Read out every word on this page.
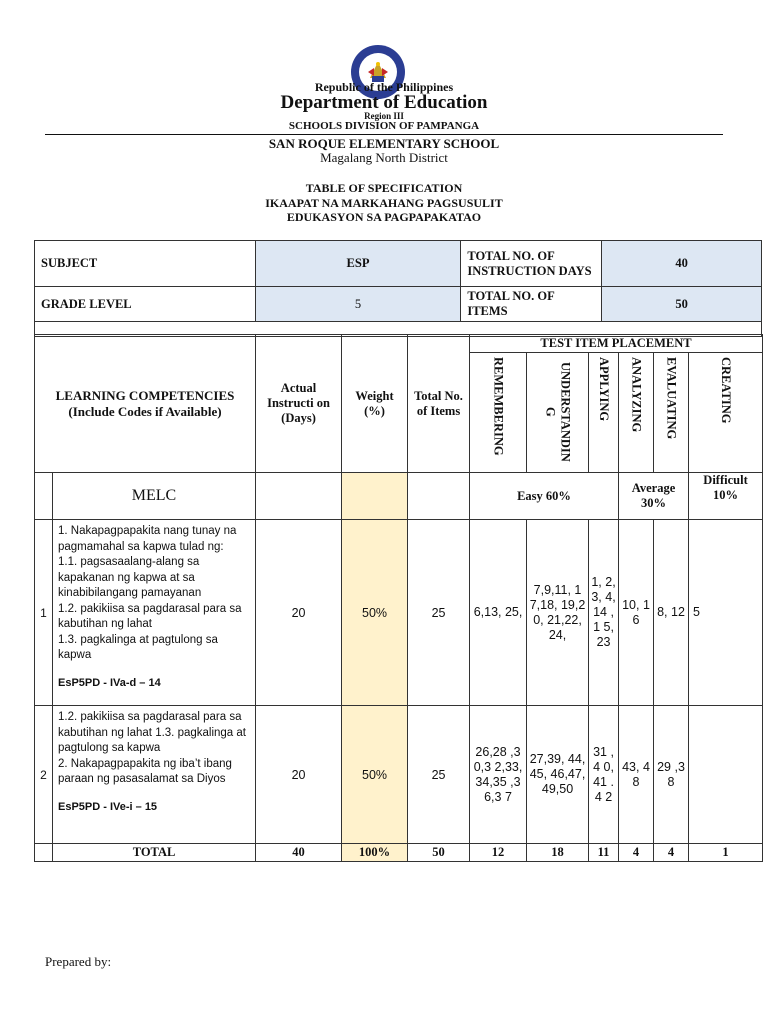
Republic of the Philippines
Department of Education
Region III
SCHOOLS DIVISION OF PAMPANGA
SAN ROQUE ELEMENTARY SCHOOL
Magalang North District
TABLE OF SPECIFICATION
IKAAPAT NA MARKAHANG PAGSUSULIT
EDUKASYON SA PAGPAPAKATAO
SUBJECT	ESP	TOTAL NO. OF INSTRUCTION DAYS	40
GRADE LEVEL	5	TOTAL NO. OF ITEMS	50

LEARNING COMPETENCIES (Include Codes if Available)		Actual Instructi on (Days)	Weight (%)	Total No. of Items	TEST ITEM PLACEMENT					
					REMEMBERING	UNDERSTANDIN G	APPLYING	ANALYZING	EVALUATING	CREATING
	MELC				Easy 60%			Average 30%		Difficult 10%
1	1. Nakapagpapakita nang tunay na pagmamahal sa kapwa tulad ng:
1.1. pagsasaalang-alang sa kapakanan ng kapwa at sa kinabibilangang pamayanan
1.2. pakikiisa sa pagdarasal para sa kabutihan ng lahat
1.3. pagkalinga at pagtulong sa kapwa
EsP5PD - IVa-d – 14	20	50%	25	6,13, 25,	7,9,11, 17,18, 19,20, 21,22, 24,	1, 2, 3, 4, 14 ,1 5, 23	10, 16	8, 12	5
2	1.2. pakikiisa sa pagdarasal para sa kabutihan ng lahat 1.3. pagkalinga at pagtulong sa kapwa
2. Nakapagpapakita ng iba’t ibang paraan ng pasasalamat sa Diyos
EsP5PD - IVe-i – 15	20	50%	25	26,28 ,30,3 2,33, 34,35 ,36,3 7	27,39, 44,45, 46,47, 49,50	31 ,4 0, 41 .4 2	43, 48	29 ,3 8	
	TOTAL	40	100%	50	12	18	11	4	4	1
Prepared by:
